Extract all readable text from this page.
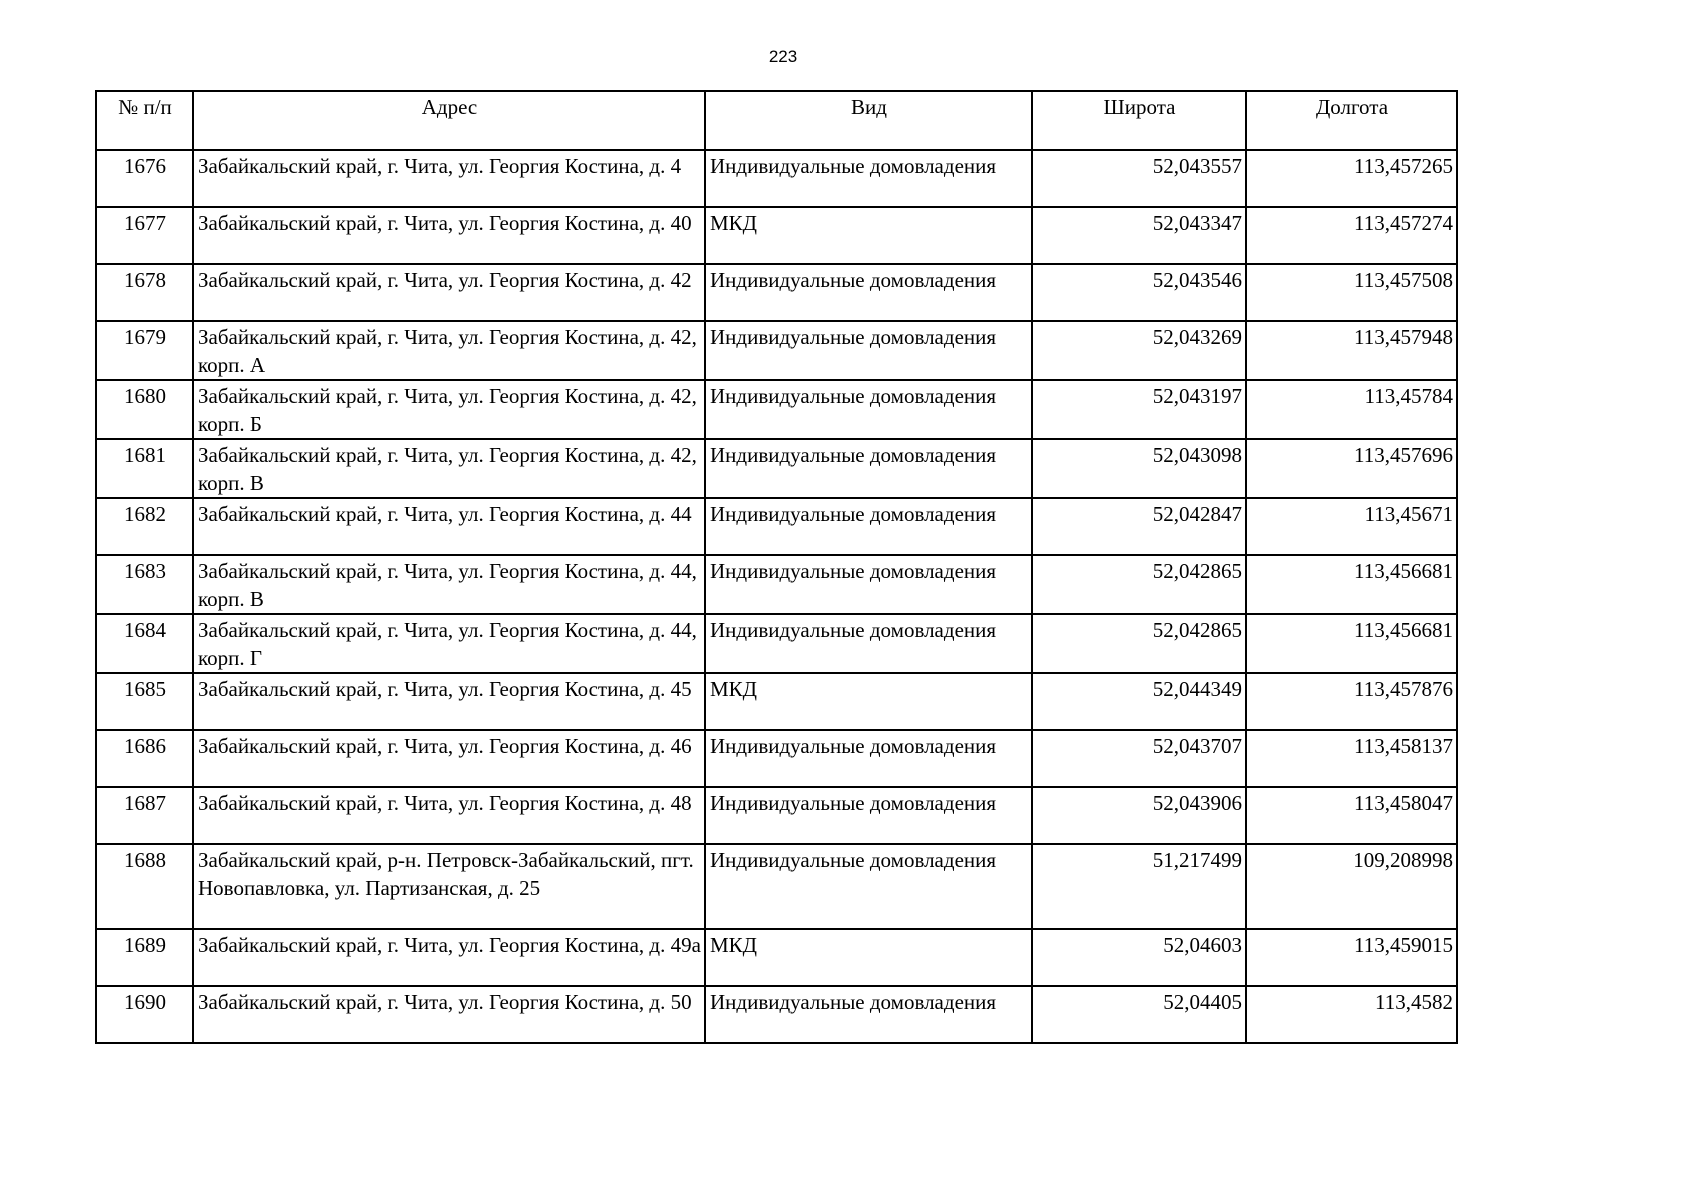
223
№ п/п	Адрес	Вид	Широта	Долгота
1676	Забайкальский край, г. Чита, ул. Георгия Костина, д. 4	Индивидуальные домовладения	52,043557	113,457265
1677	Забайкальский край, г. Чита, ул. Георгия Костина, д. 40	МКД	52,043347	113,457274
1678	Забайкальский край, г. Чита, ул. Георгия Костина, д. 42	Индивидуальные домовладения	52,043546	113,457508
1679	Забайкальский край, г. Чита, ул. Георгия Костина, д. 42, корп. А	Индивидуальные домовладения	52,043269	113,457948
1680	Забайкальский край, г. Чита, ул. Георгия Костина, д. 42, корп. Б	Индивидуальные домовладения	52,043197	113,45784
1681	Забайкальский край, г. Чита, ул. Георгия Костина, д. 42, корп. В	Индивидуальные домовладения	52,043098	113,457696
1682	Забайкальский край, г. Чита, ул. Георгия Костина, д. 44	Индивидуальные домовладения	52,042847	113,45671
1683	Забайкальский край, г. Чита, ул. Георгия Костина, д. 44, корп. В	Индивидуальные домовладения	52,042865	113,456681
1684	Забайкальский край, г. Чита, ул. Георгия Костина, д. 44, корп. Г	Индивидуальные домовладения	52,042865	113,456681
1685	Забайкальский край, г. Чита, ул. Георгия Костина, д. 45	МКД	52,044349	113,457876
1686	Забайкальский край, г. Чита, ул. Георгия Костина, д. 46	Индивидуальные домовладения	52,043707	113,458137
1687	Забайкальский край, г. Чита, ул. Георгия Костина, д. 48	Индивидуальные домовладения	52,043906	113,458047
1688	Забайкальский край, р-н. Петровск-Забайкальский, пгт. Новопавловка, ул. Партизанская, д. 25	Индивидуальные домовладения	51,217499	109,208998
1689	Забайкальский край, г. Чита, ул. Георгия Костина, д. 49а	МКД	52,04603	113,459015
1690	Забайкальский край, г. Чита, ул. Георгия Костина, д. 50	Индивидуальные домовладения	52,04405	113,4582
